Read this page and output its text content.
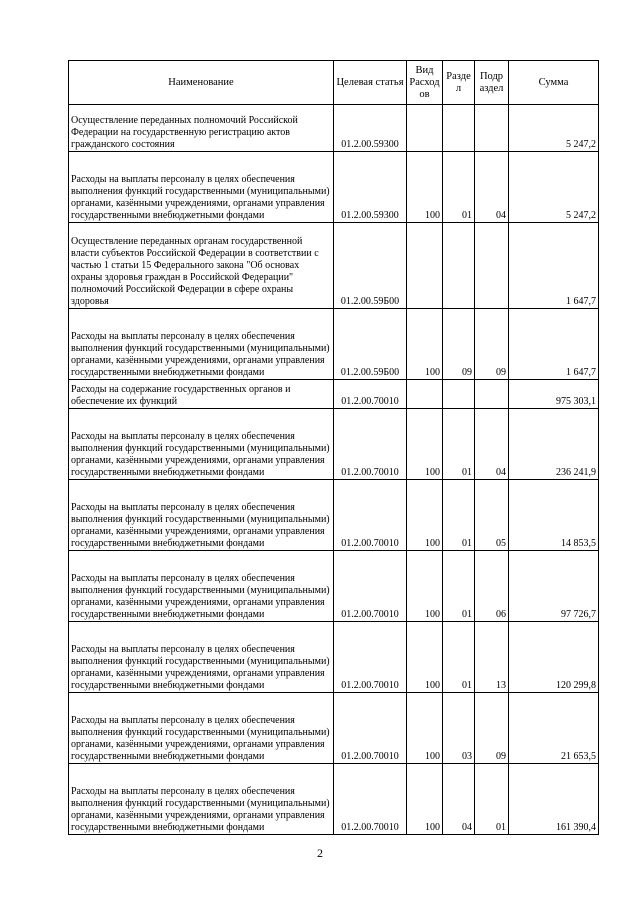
Наименование	Целевая статья	Вид Расход ов	Разде л	Подр аздел	Сумма
Осуществление переданных полномочий Российской Федерации на государственную регистрацию актов гражданского состояния	01.2.00.59300				5 247,2
Расходы на выплаты персоналу в целях обеспечения выполнения функций государственными (муниципальными) органами, казёнными учреждениями, органами управления государственными внебюджетными фондами	01.2.00.59300	100	01	04	5 247,2
Осуществление переданных органам государственной власти субъектов Российской Федерации в соответствии с частью 1 статьи 15 Федерального закона "Об основах охраны здоровья граждан в Российской Федерации" полномочий Российской Федерации в сфере охраны здоровья	01.2.00.59Б00				1 647,7
Расходы на выплаты персоналу в целях обеспечения выполнения функций государственными (муниципальными) органами, казёнными учреждениями, органами управления государственными внебюджетными фондами	01.2.00.59Б00	100	09	09	1 647,7
Расходы на содержание государственных органов и обеспечение их функций	01.2.00.70010				975 303,1
Расходы на выплаты персоналу в целях обеспечения выполнения функций государственными (муниципальными) органами, казёнными учреждениями, органами управления государственными внебюджетными фондами	01.2.00.70010	100	01	04	236 241,9
Расходы на выплаты персоналу в целях обеспечения выполнения функций государственными (муниципальными) органами, казёнными учреждениями, органами управления государственными внебюджетными фондами	01.2.00.70010	100	01	05	14 853,5
Расходы на выплаты персоналу в целях обеспечения выполнения функций государственными (муниципальными) органами, казёнными учреждениями, органами управления государственными внебюджетными фондами	01.2.00.70010	100	01	06	97 726,7
Расходы на выплаты персоналу в целях обеспечения выполнения функций государственными (муниципальными) органами, казёнными учреждениями, органами управления государственными внебюджетными фондами	01.2.00.70010	100	01	13	120 299,8
Расходы на выплаты персоналу в целях обеспечения выполнения функций государственными (муниципальными) органами, казёнными учреждениями, органами управления государственными внебюджетными фондами	01.2.00.70010	100	03	09	21 653,5
Расходы на выплаты персоналу в целях обеспечения выполнения функций государственными (муниципальными) органами, казёнными учреждениями, органами управления государственными внебюджетными фондами	01.2.00.70010	100	04	01	161 390,4
2
